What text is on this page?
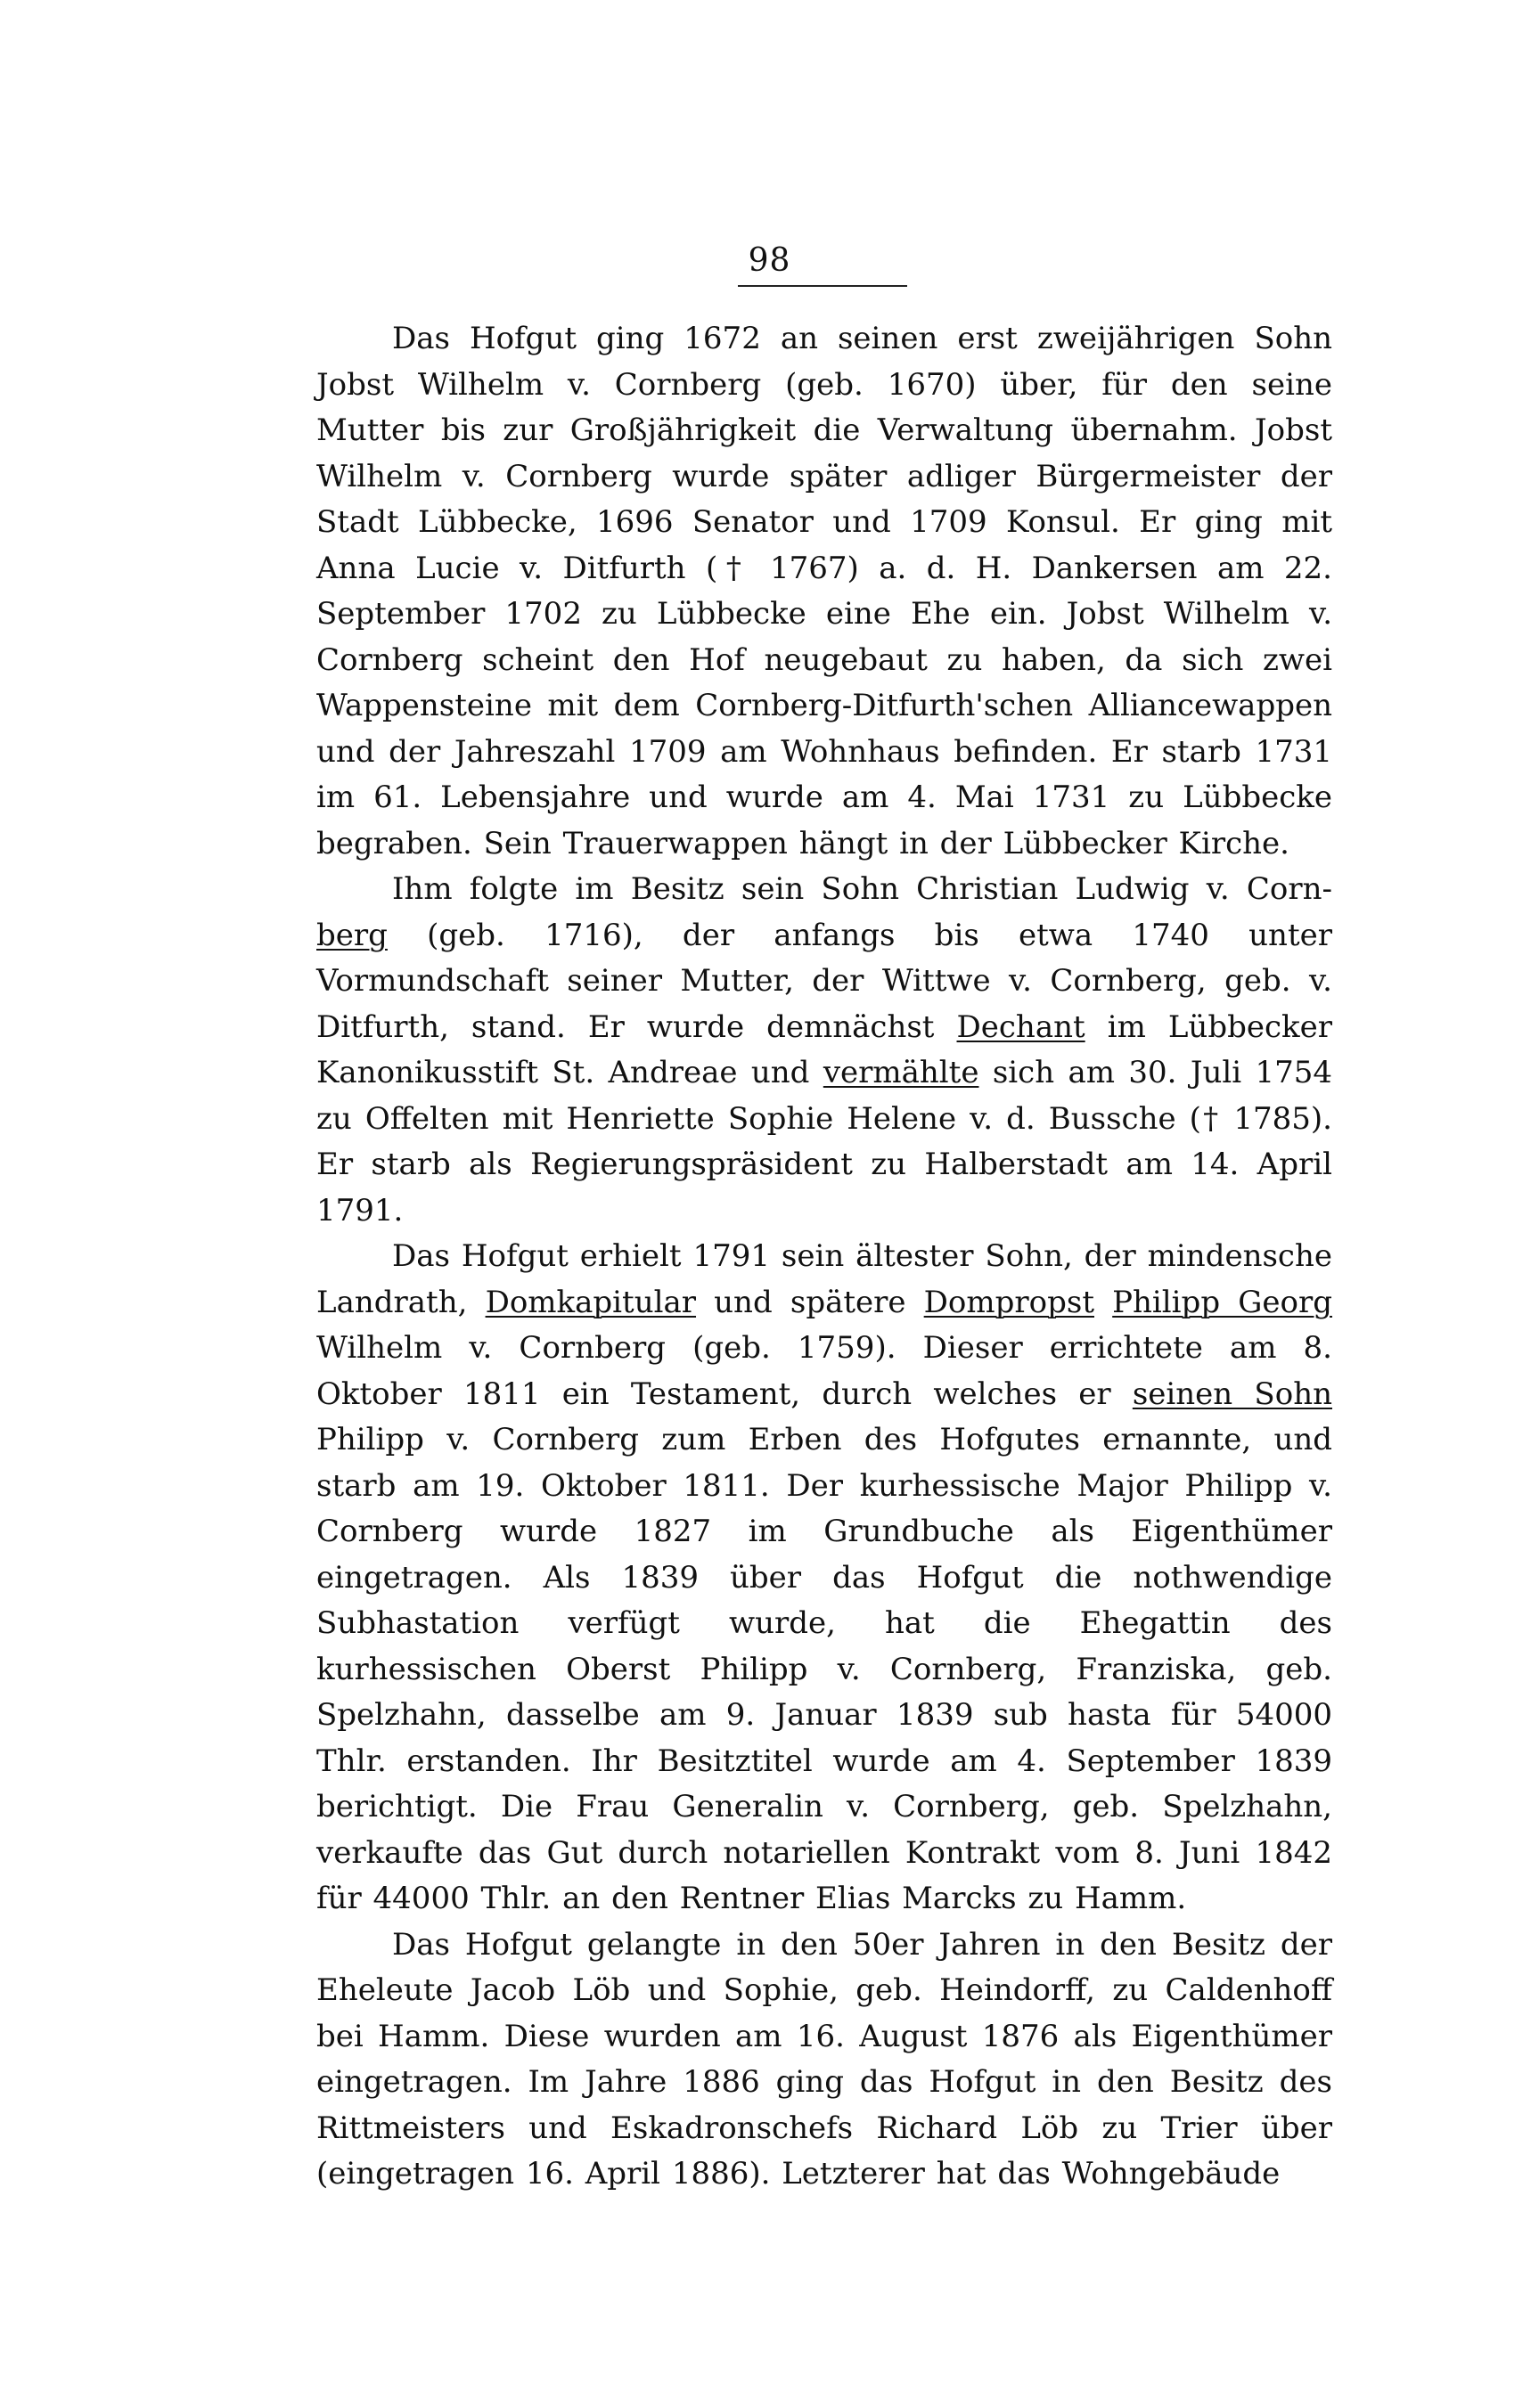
98

Das Hofgut ging 1672 an seinen erst zweijährigen Sohn Jobst Wilhelm v. Cornberg (geb. 1670) über, für den seine Mutter bis zur Großjährigkeit die Verwaltung übernahm. Jobst Wilhelm v. Cornberg wurde später adliger Bürgermeister der Stadt Lübbecke, 1696 Senator und 1709 Konsul. Er ging mit Anna Lucie v. Ditfurth († 1767) a. d. H. Dankersen am 22. September 1702 zu Lübbecke eine Ehe ein. Jobst Wilhelm v. Cornberg scheint den Hof neugebaut zu haben, da sich zwei Wappensteine mit dem Cornberg-Ditfurth'schen Alliancewappen und der Jahreszahl 1709 am Wohnhaus befinden. Er starb 1731 im 61. Lebensjahre und wurde am 4. Mai 1731 zu Lübbecke begraben. Sein Trauerwappen hängt in der Lübbecker Kirche.

Ihm folgte im Besitz sein Sohn Christian Ludwig v. Corn-berg (geb. 1716), der anfangs bis etwa 1740 unter Vormundschaft seiner Mutter, der Wittwe v. Cornberg, geb. v. Ditfurth, stand. Er wurde demnächst Dechant im Lübbecker Kanonikusstift St. Andreae und vermählte sich am 30. Juli 1754 zu Offelten mit Henriette Sophie Helene v. d. Bussche († 1785). Er starb als Regierungspräsident zu Halberstadt am 14. April 1791.

Das Hofgut erhielt 1791 sein ältester Sohn, der mindensche Landrath, Domkapitular und spätere Dompropst Philipp Georg Wilhelm v. Cornberg (geb. 1759). Dieser errichtete am 8. Oktober 1811 ein Testament, durch welches er seinen Sohn Philipp v. Cornberg zum Erben des Hofgutes ernannte, und starb am 19. Oktober 1811. Der kurhessische Major Philipp v. Cornberg wurde 1827 im Grundbuche als Eigenthümer eingetragen. Als 1839 über das Hofgut die nothwendige Subhastation verfügt wurde, hat die Ehegattin des kurhessischen Oberst Philipp v. Cornberg, Franziska, geb. Spelzhahn, dasselbe am 9. Januar 1839 sub hasta für 54000 Thlr. erstanden. Ihr Besitztitel wurde am 4. September 1839 berichtigt. Die Frau Generalin v. Cornberg, geb. Spelzhahn, verkaufte das Gut durch notariellen Kontrakt vom 8. Juni 1842 für 44000 Thlr. an den Rentner Elias Marcks zu Hamm.

Das Hofgut gelangte in den 50er Jahren in den Besitz der Eheleute Jacob Löb und Sophie, geb. Heindorff, zu Caldenhoff bei Hamm. Diese wurden am 16. August 1876 als Eigenthümer eingetragen. Im Jahre 1886 ging das Hofgut in den Besitz des Rittmeisters und Eskadronschefs Richard Löb zu Trier über (eingetragen 16. April 1886). Letzterer hat das Wohngebäude
